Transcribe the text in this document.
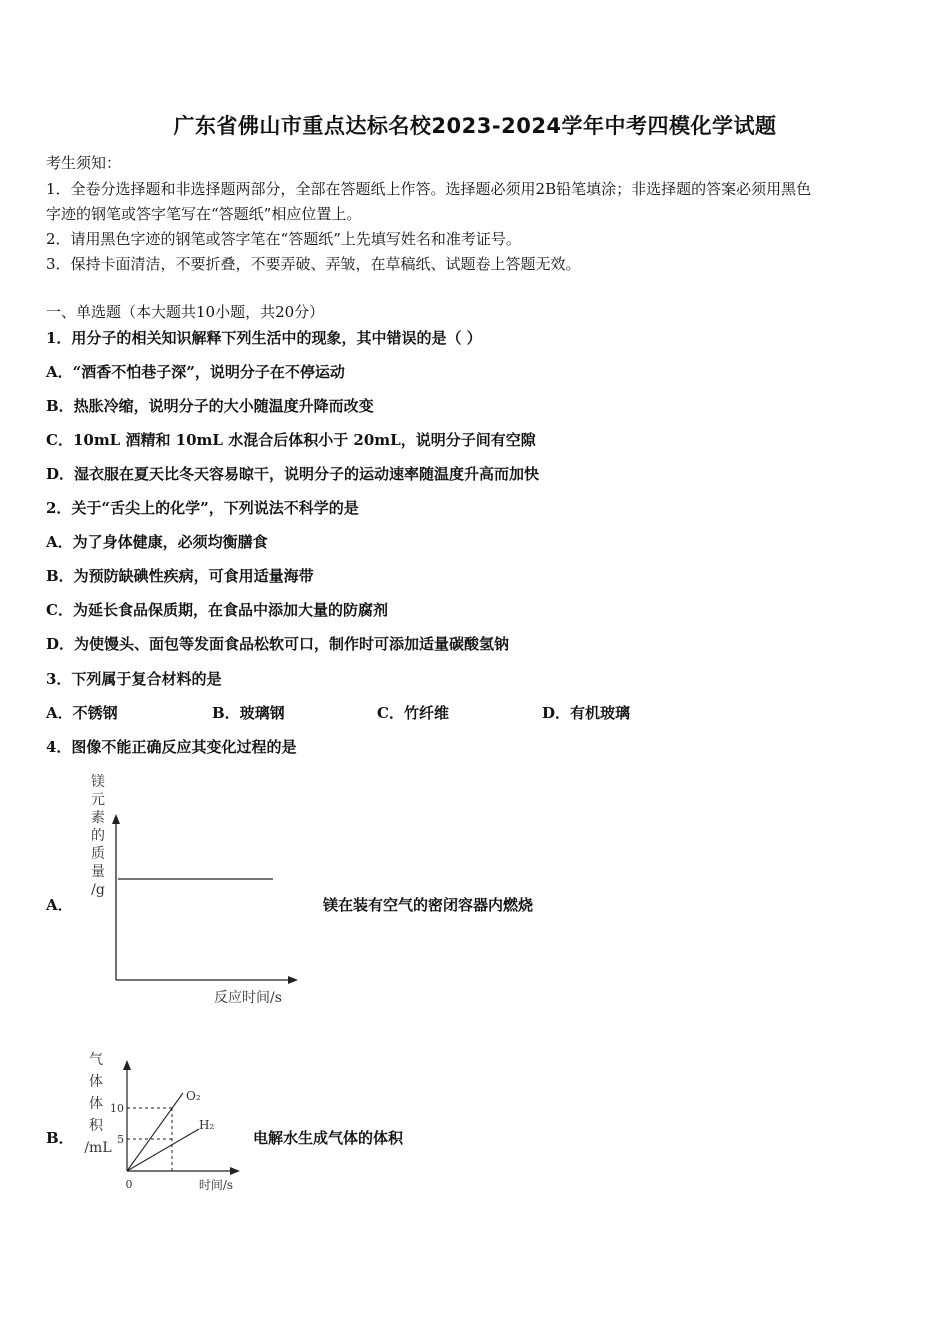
广东省佛山市重点达标名校2023-2024学年中考四模化学试题
考生须知：
1．全卷分选择题和非选择题两部分，全部在答题纸上作答。选择题必须用2B铅笔填涂；非选择题的答案必须用黑色
字迹的钢笔或答字笔写在“答题纸”相应位置上。
2．请用黑色字迹的钢笔或答字笔在“答题纸”上先填写姓名和准考证号。
3．保持卡面清洁，不要折叠，不要弄破、弄皱，在草稿纸、试题卷上答题无效。
一、单选题（本大题共10小题，共20分）
1．用分子的相关知识解释下列生活中的现象，其中错误的是（ ）
A．“酒香不怕巷子深”，说明分子在不停运动
B．热胀冷缩，说明分子的大小随温度升降而改变
C．10mL 酒精和 10mL 水混合后体积小于 20mL，说明分子间有空隙
D．湿衣服在夏天比冬天容易晾干，说明分子的运动速率随温度升高而加快
2．关于“舌尖上的化学”，下列说法不科学的是
A．为了身体健康，必须均衡膳食
B．为预防缺碘性疾病，可食用适量海带
C．为延长食品保质期，在食品中添加大量的防腐剂
D．为使馒头、面包等发面食品松软可口，制作时可添加适量碳酸氢钠
3．下列属于复合材料的是
A．不锈钢	B．玻璃钢	C．竹纤维	D．有机玻璃
4．图像不能正确反应其变化过程的是
A．
镁
元
素
的
质
量
/g
反应时间/s
镁在装有空气的密闭容器内燃烧
B．
气
体
体
积
/mL
O₂
H₂
10
5
0	时间/s
电解水生成气体的体积
